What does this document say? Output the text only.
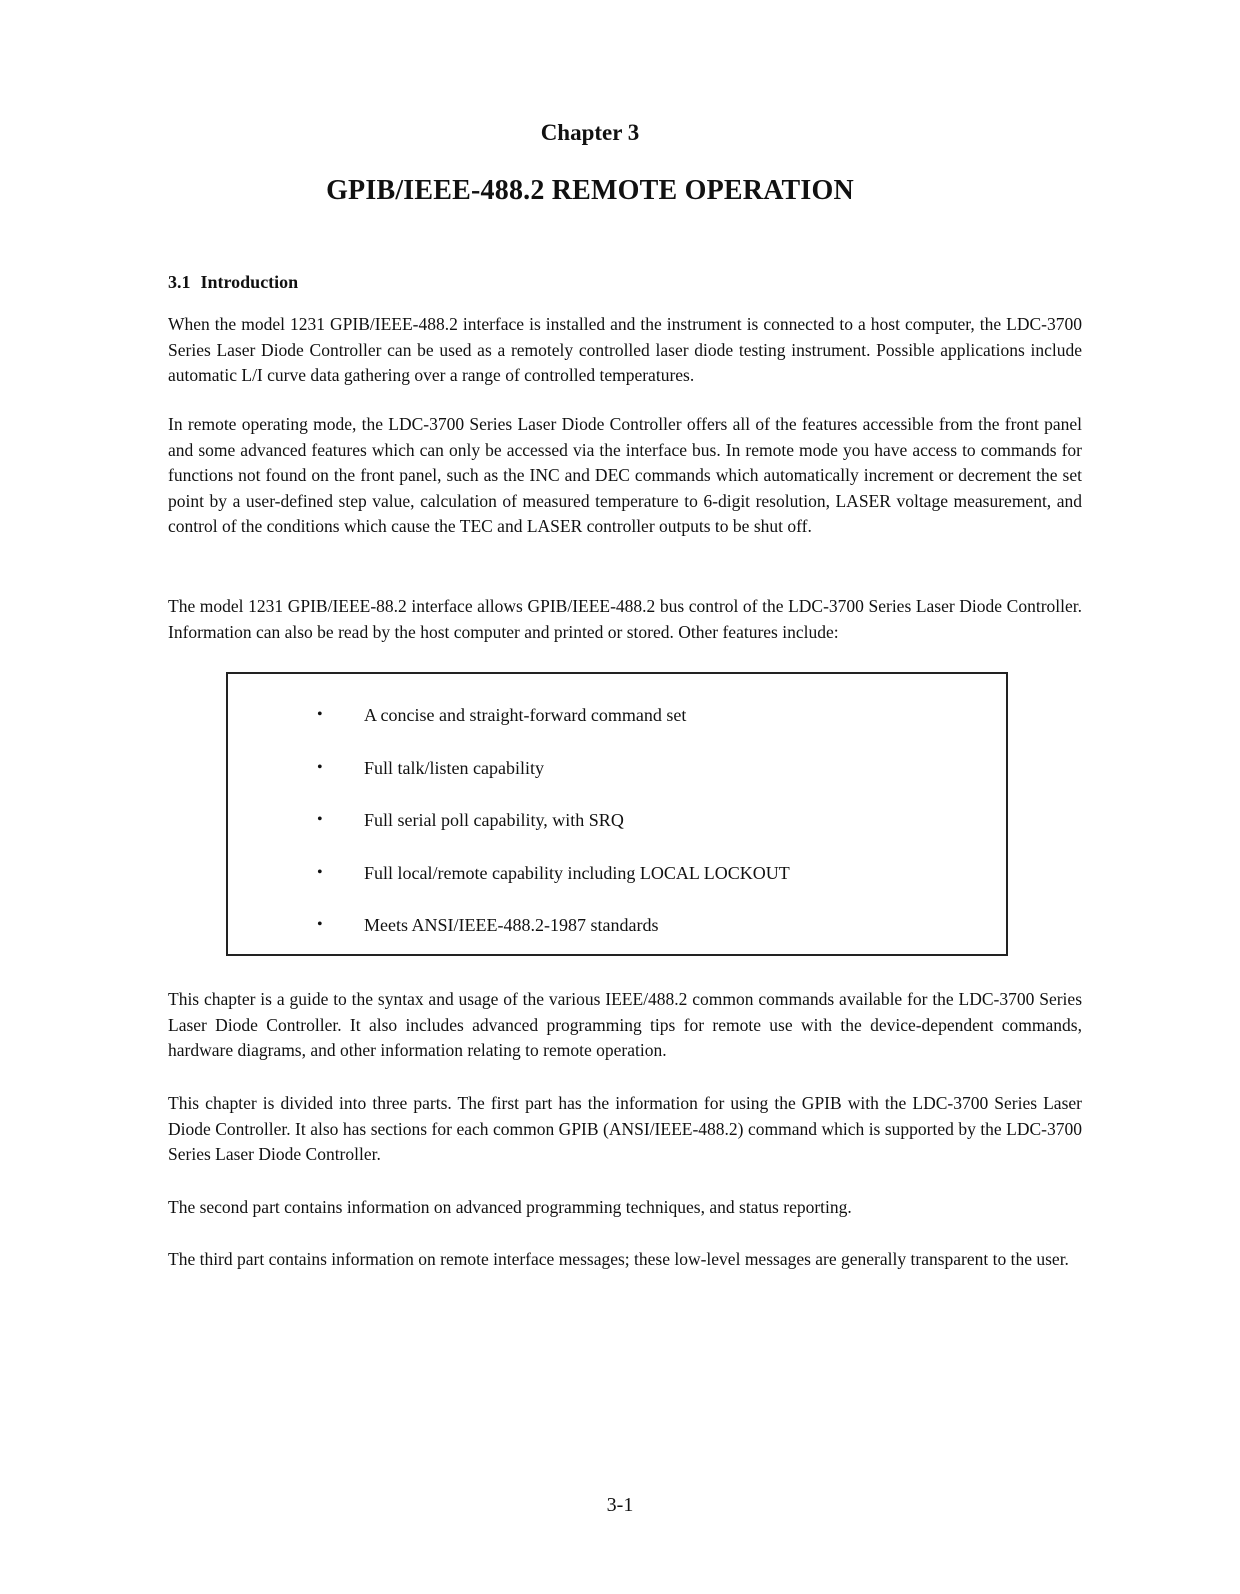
Chapter 3
GPIB/IEEE-488.2 REMOTE OPERATION
3.1 Introduction

When the model 1231 GPIB/IEEE-488.2 interface is installed and the instrument is connected to a host computer, the LDC-3700 Series Laser Diode Controller can be used as a remotely controlled laser diode testing instrument. Possible applications include automatic L/I curve data gathering over a range of controlled temperatures.

In remote operating mode, the LDC-3700 Series Laser Diode Controller offers all of the features accessible from the front panel and some advanced features which can only be accessed via the interface bus. In remote mode you have access to commands for functions not found on the front panel, such as the INC and DEC commands which automatically increment or decrement the set point by a user-defined step value, calculation of measured temperature to 6-digit resolution, LASER voltage measurement, and control of the conditions which cause the TEC and LASER controller outputs to be shut off.

The model 1231 GPIB/IEEE-88.2 interface allows GPIB/IEEE-488.2 bus control of the LDC-3700 Series Laser Diode Controller. Information can also be read by the host computer and printed or stored. Other features include:

• A concise and straight-forward command set
• Full talk/listen capability
• Full serial poll capability, with SRQ
• Full local/remote capability including LOCAL LOCKOUT
• Meets ANSI/IEEE-488.2-1987 standards

This chapter is a guide to the syntax and usage of the various IEEE/488.2 common commands available for the LDC-3700 Series Laser Diode Controller. It also includes advanced programming tips for remote use with the device-dependent commands, hardware diagrams, and other information relating to remote operation.

This chapter is divided into three parts. The first part has the information for using the GPIB with the LDC-3700 Series Laser Diode Controller. It also has sections for each common GPIB (ANSI/IEEE-488.2) command which is supported by the LDC-3700 Series Laser Diode Controller.

The second part contains information on advanced programming techniques, and status reporting.

The third part contains information on remote interface messages; these low-level messages are generally transparent to the user.

3-1
